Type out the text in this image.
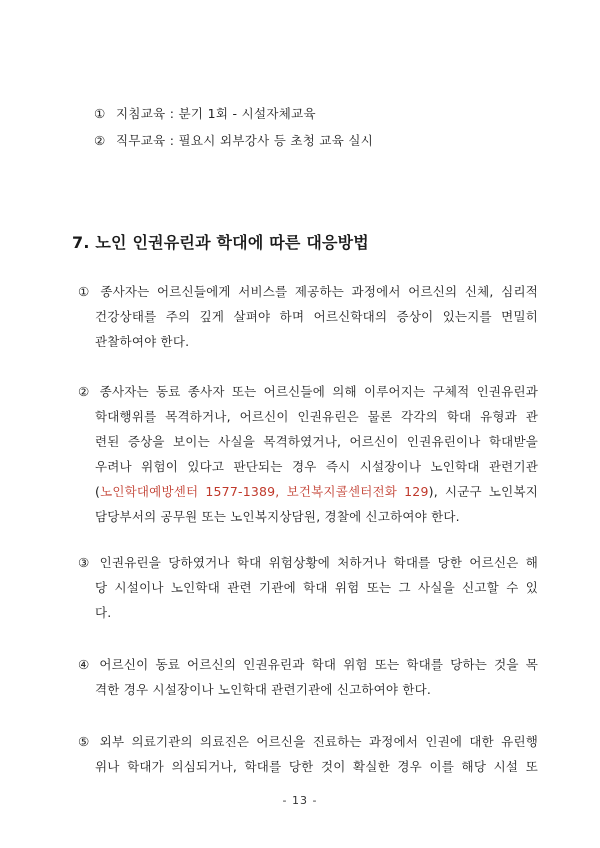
① 지침교육 : 분기 1회 - 시설자체교육
② 직무교육 : 필요시 외부강사 등 초청 교육 실시
7. 노인 인권유린과 학대에 따른 대응방법
① 종사자는 어르신들에게 서비스를 제공하는 과정에서 어르신의 신체, 심리적
건강상태를 주의 깊게 살펴야 하며 어르신학대의 증상이 있는지를 면밀히
관찰하여야 한다.
② 종사자는 동료 종사자 또는 어르신들에 의해 이루어지는 구체적 인권유린과
학대행위를 목격하거나, 어르신이 인권유린은 물론 각각의 학대 유형과 관
련된 증상을 보이는 사실을 목격하였거나, 어르신이 인권유린이나 학대받을
우려나 위험이 있다고 판단되는 경우 즉시 시설장이나 노인학대 관련기관
(노인학대예방센터 1577-1389, 보건복지콜센터전화 129), 시군구 노인복지
담당부서의 공무원 또는 노인복지상담원, 경찰에 신고하여야 한다.
③ 인권유린을 당하였거나 학대 위험상황에 처하거나 학대를 당한 어르신은 해
당 시설이나 노인학대 관련 기관에 학대 위험 또는 그 사실을 신고할 수 있
다.
④ 어르신이 동료 어르신의 인권유린과 학대 위험 또는 학대를 당하는 것을 목
격한 경우 시설장이나 노인학대 관련기관에 신고하여야 한다.
⑤ 외부 의료기관의 의료진은 어르신을 진료하는 과정에서 인권에 대한 유린행
위나 학대가 의심되거나, 학대를 당한 것이 확실한 경우 이를 해당 시설 또
- 13 -
